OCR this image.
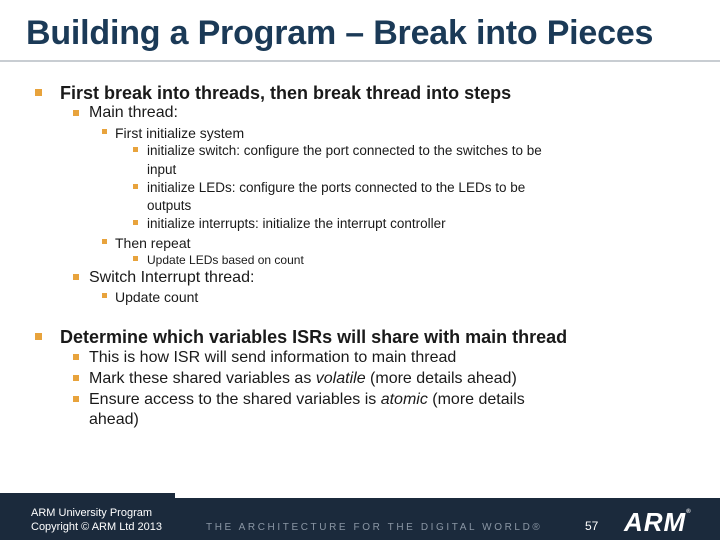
Building a Program – Break into Pieces
First break into threads, then break thread into steps
Main thread:
First initialize system
initialize switch: configure the port connected to the switches to be
input
initialize LEDs: configure the ports connected to the LEDs to be
outputs
initialize interrupts: initialize the interrupt controller
Then repeat
Update LEDs based on count
Switch Interrupt thread:
Update count
Determine which variables ISRs will share with main thread
This is how ISR will send information to main thread
Mark these shared variables as volatile (more details ahead)
Ensure access to the shared variables is atomic (more details
ahead)
ARM University Program
Copyright © ARM Ltd 2013	THE ARCHITECTURE FOR THE DIGITAL WORLD®	57 ARM®
